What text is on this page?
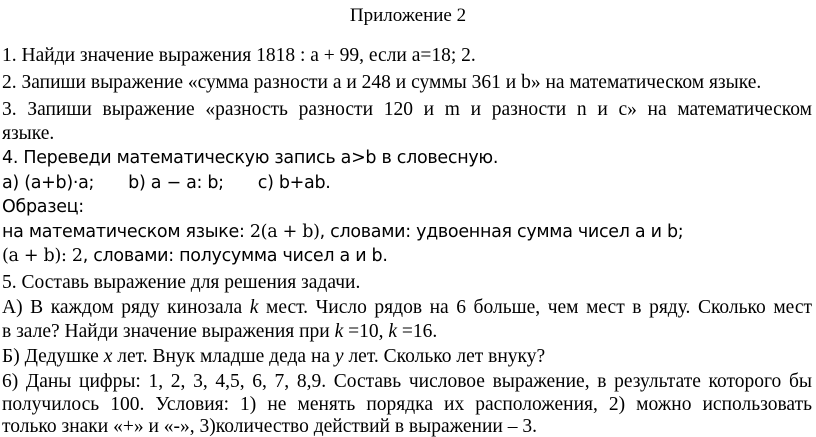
Приложение 2
1. Найди значение выражения 1818 : а + 99, если а=18; 2.
2. Запиши выражение «сумма разности а и 248 и суммы 361 и b» на математическом языке.
3. Запиши выражение «разность разности 120 и m и разности n и с» на математическом
языке.
4. Переведи математическую запись a>b в словесную.
а) (a+b)·a; b) а − a: b; c) b+ab.
Образец:
на математическом языке: 2(a + b), словами: удвоенная сумма чисел а и b;
(a + b): 2, словами: полусумма чисел а и b.
5. Составь выражение для решения задачи.
А) В каждом ряду кинозала k мест. Число рядов на 6 больше, чем мест в ряду. Сколько мест
в зале? Найди значение выражения при k =10, k =16.
Б) Дедушке x лет. Внук младше деда на y лет. Сколько лет внуку?
6) Даны цифры: 1, 2, 3, 4,5, 6, 7, 8,9. Составь числовое выражение, в результате которого бы
получилось 100. Условия: 1) не менять порядка их расположения, 2) можно использовать
только знаки «+» и «-», 3)количество действий в выражении – 3.
